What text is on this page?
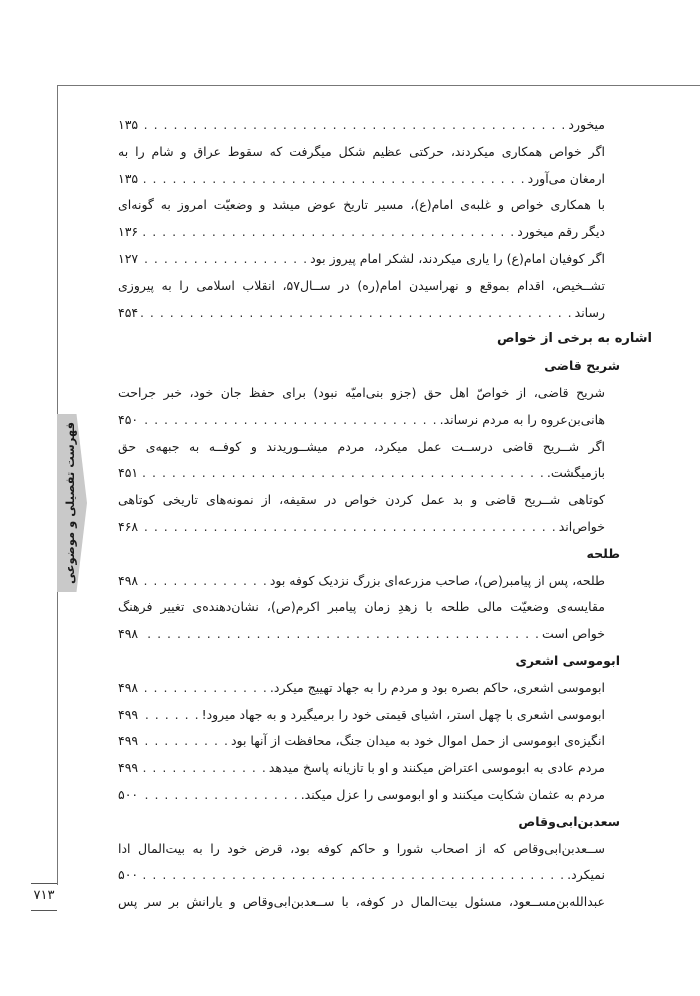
فهرست تفصیلی و موضوعی
۷۱۳
میخورد
. . .
۱۳۵
اگر خواص همکاری میکردند، حرکتی عظیم شکل میگرفت که سقوط عراق و شام را به
ارمغان می‌آورد
. . .
۱۳۵
با همکاری خواص و غلبه‌ی امام(ع)، مسیر تاریخ عوض میشد و وضعیّت امروز به گونه‌ای
دیگر رقم میخورد
. . .
۱۳۶
اگر کوفیان امام(ع) را یاری میکردند، لشکر امام پیروز بود
. . .
۱۲۷
تشــخیص، اقدام بموقع و نهراسیدن امام(ره) در ســال۵۷، انقلاب اسلامی را به پیروزی
رساند
. . .
۴۵۴
اشاره به برخی از خواص
شریح قاضی
شریح قاضی، از خواصّ اهل حق (جزو بنی‌امیّه نبود) برای حفظ جان خود، خبر جراحت
هانی‌بن‌عروه را به مردم نرساند.
. . .
۴۵۰
اگر شــریح قاضی درســت عمل میکرد، مردم میشــوریدند و کوفــه به جبهه‌ی حق
بازمیگشت.
. . .
۴۵۱
کوتاهی شــریح قاضی و بد عمل کردن خواص در سقیفه، از نمونه‌های تاریخی کوتاهی
خواص‌اند
. . .
۴۶۸
طلحه
طلحه، پس از پیامبر(ص)، صاحب مزرعه‌ای بزرگ نزدیک کوفه بود
. . .
۴۹۸
مقایسه‌ی وضعیّت مالی طلحه با زهدِ زمان پیامبر اکرم(ص)، نشان‌دهنده‌ی تغییر فرهنگ
خواص است
. . .
۴۹۸
ابوموسی اشعری
ابوموسی اشعری، حاکم بصره بود و مردم را به جهاد تهییج میکرد.
. . .
۴۹۸
ابوموسی اشعری با چهل استر، اشیای قیمتی خود را برمیگیرد و به جهاد میرود!
. . .
۴۹۹
انگیزه‌ی ابوموسی از حمل اموال خود به میدان جنگ، محافظت از آنها بود
. . .
۴۹۹
مردم عادی به ابوموسی اعتراض میکنند و او با تازیانه پاسخ میدهد
. . .
۴۹۹
مردم به عثمان شکایت میکنند و او ابوموسی را عزل میکند.
. . .
۵۰۰
سعدبن‌ابی‌وقاص
ســعدبن‌ابی‌وقاص که از اصحاب شورا و حاکم کوفه بود، قرض خود را به بیت‌المال ادا
نمیکرد.
. . .
۵۰۰
عبدالله‌بن‌مســعود، مسئول بیت‌المال در کوفه، با ســعدبن‌ابی‌وقاص و یارانش بر سر پس
